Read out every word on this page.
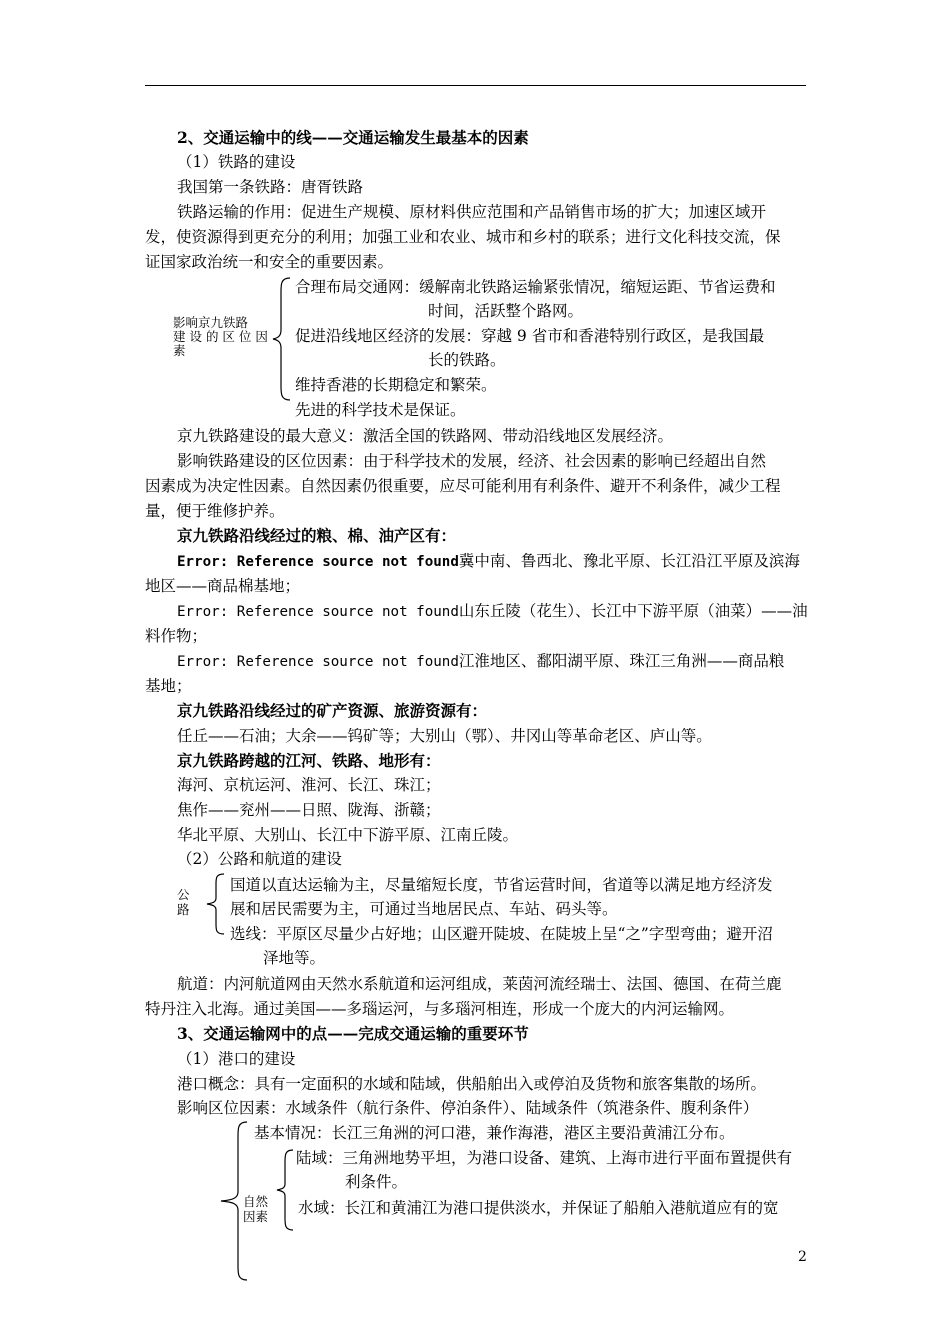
2、交通运输中的线——交通运输发生最基本的因素
（1）铁路的建设
我国第一条铁路：唐胥铁路
铁路运输的作用：促进生产规模、原材料供应范围和产品销售市场的扩大；加速区域开
发，使资源得到更充分的利用；加强工业和农业、城市和乡村的联系；进行文化科技交流，保
证国家政治统一和安全的重要因素。
影响京九铁路
建 设 的 区 位 因
素
合理布局交通网：缓解南北铁路运输紧张情况，缩短运距、节省运费和
时间，活跃整个路网。
促进沿线地区经济的发展：穿越 9 省市和香港特别行政区，是我国最
长的铁路。
维持香港的长期稳定和繁荣。
先进的科学技术是保证。
京九铁路建设的最大意义：激活全国的铁路网、带动沿线地区发展经济。
影响铁路建设的区位因素：由于科学技术的发展，经济、社会因素的影响已经超出自然
因素成为决定性因素。自然因素仍很重要，应尽可能利用有利条件、避开不利条件，减少工程
量，便于维修护养。
京九铁路沿线经过的粮、棉、油产区有：
Error: Reference source not found冀中南、鲁西北、豫北平原、长江沿江平原及滨海
地区——商品棉基地；
Error: Reference source not found山东丘陵（花生）、长江中下游平原（油菜）——油
料作物；
Error: Reference source not found江淮地区、鄱阳湖平原、珠江三角洲——商品粮
基地；
京九铁路沿线经过的矿产资源、旅游资源有：
任丘——石油；大余——钨矿等；大别山（鄂）、井冈山等革命老区、庐山等。
京九铁路跨越的江河、铁路、地形有：
海河、京杭运河、淮河、长江、珠江；
焦作——兖州——日照、陇海、浙赣；
华北平原、大别山、长江中下游平原、江南丘陵。
（2）公路和航道的建设
公
路
国道以直达运输为主，尽量缩短长度，节省运营时间，省道等以满足地方经济发
展和居民需要为主，可通过当地居民点、车站、码头等。
选线：平原区尽量少占好地；山区避开陡坡、在陡坡上呈“之”字型弯曲；避开沼
泽地等。
航道：内河航道网由天然水系航道和运河组成，莱茵河流经瑞士、法国、德国、在荷兰鹿
特丹注入北海。通过美国——多瑙运河，与多瑙河相连，形成一个庞大的内河运输网。
3、交通运输网中的点——完成交通运输的重要环节
（1）港口的建设
港口概念：具有一定面积的水域和陆域，供船舶出入或停泊及货物和旅客集散的场所。
影响区位因素：水域条件（航行条件、停泊条件）、陆域条件（筑港条件、腹利条件）
基本情况：长江三角洲的河口港，兼作海港，港区主要沿黄浦江分布。
自然
因素
陆域：三角洲地势平坦，为港口设备、建筑、上海市进行平面布置提供有
利条件。
水域：长江和黄浦江为港口提供淡水，并保证了船舶入港航道应有的宽
2
